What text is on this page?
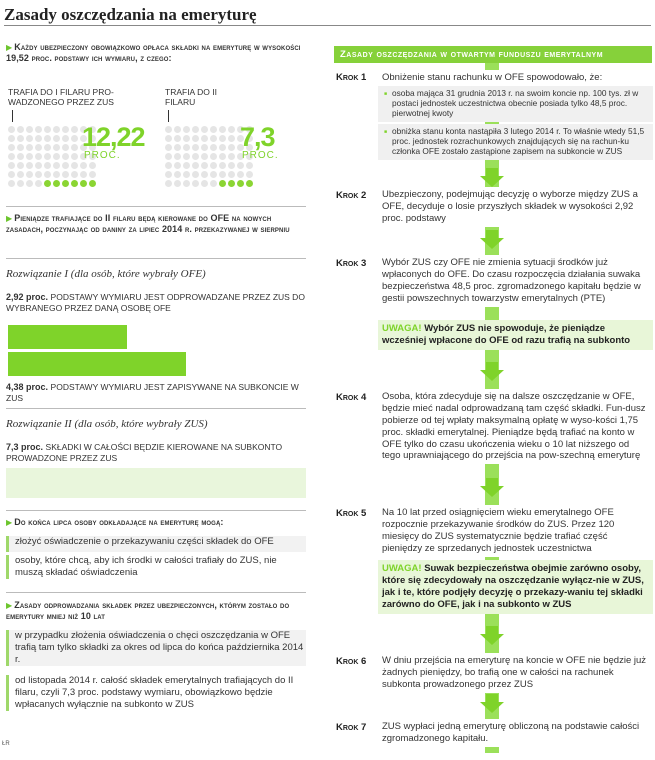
Zasady oszczędzania na emeryturę
▶ Każdy ubezpieczony obowiązkowo opłaca składki na emeryturę w wysokości 19,52 proc. podstawy ich wymiaru, z czego:
TRAFIA DO I FILARU PRO-WADZONEGO PRZEZ ZUS
TRAFIA DO II FILARU
12,22
PROC.
7,3
PROC.
▶ Pieniądze trafiające do II filaru będą kierowane do OFE na nowych zasadach, poczynając od daniny za lipiec 2014 r. przekazywanej w sierpniu
Rozwiązanie I (dla osób, które wybrały OFE)
2,92 proc. PODSTAWY WYMIARU JEST ODPROWADZANE PRZEZ ZUS DO WYBRANEGO PRZEZ DANĄ OSOBĘ OFE
4,38 proc. PODSTAWY WYMIARU JEST ZAPISYWANE NA SUBKONCIE W ZUS
Rozwiązanie II (dla osób, które wybrały ZUS)
7,3 proc. SKŁADKI W CAŁOŚCI BĘDZIE KIEROWANE NA SUBKONTO PROWADZONE PRZEZ ZUS
▶ Do końca lipca osoby odkładające na emeryturę mogą:
złożyć oświadczenie o przekazywaniu części składek do OFE
osoby, które chcą, aby ich środki w całości trafiały do ZUS, nie muszą składać oświadczenia
▶ Zasady odprowadzania składek przez ubezpieczonych, którym zostało do emerytury mniej niż 10 lat
w przypadku złożenia oświadczenia o chęci oszczędzania w OFE trafią tam tylko składki za okres od lipca do końca października 2014 r.
od listopada 2014 r. całość składek emerytalnych trafiających do II filaru, czyli 7,3 proc. podstawy wymiaru, obowiązkowo będzie wpłacanych wyłącznie na subkonto w ZUS
ŁR
Zasady oszczędzania w otwartym funduszu emerytalnym
Krok 1	Obniżenie stanu rachunku w OFE spowodowało, że:
■ osoba mająca 31 grudnia 2013 r. na swoim koncie np. 100 tys. zł w postaci jednostek uczestnictwa obecnie posiada tylko 48,5 proc. pierwotnej kwoty
■ obniżka stanu konta nastąpiła 3 lutego 2014 r. To właśnie wtedy 51,5 proc. jednostek rozrachunkowych znajdujących się na rachun-ku członka OFE zostało zastąpione zapisem na subkoncie w ZUS
Krok 2	Ubezpieczony, podejmując decyzję o wyborze między ZUS a OFE, decyduje o losie przyszłych składek w wysokości 2,92 proc. podstawy
Krok 3	Wybór ZUS czy OFE nie zmienia sytuacji środków już wpłaconych do OFE. Do czasu rozpoczęcia działania suwaka bezpieczeństwa 48,5 proc. zgromadzonego kapitału będzie w gestii powszechnych towarzystw emerytalnych (PTE)
UWAGA! Wybór ZUS nie spowoduje, że pieniądze wcześniej wpłacone do OFE od razu trafią na subkonto
Krok 4	Osoba, która zdecyduje się na dalsze oszczędzanie w OFE, będzie mieć nadal odprowadzaną tam część składki. Fun-dusz pobierze od tej wpłaty maksymalną opłatę w wyso-kości 1,75 proc. składki emerytalnej. Pieniądze będą trafiać na konto w OFE tylko do czasu ukończenia wieku o 10 lat niższego od tego uprawniającego do przejścia na pow-szechną emeryturę
Krok 5	Na 10 lat przed osiągnięciem wieku emerytalnego OFE rozpocznie przekazywanie środków do ZUS. Przez 120 miesięcy do ZUS systematycznie będzie trafiać część pieniędzy ze sprzedanych jednostek uczestnictwa
UWAGA! Suwak bezpieczeństwa obejmie zarówno osoby, które się zdecydowały na oszczędzanie wyłącz-nie w ZUS, jak i te, które podjęły decyzję o przekazy-waniu tej składki zarówno do OFE, jak i na subkonto w ZUS
Krok 6	W dniu przejścia na emeryturę na koncie w OFE nie będzie już żadnych pieniędzy, bo trafią one w całości na rachunek subkonta prowadzonego przez ZUS
Krok 7	ZUS wypłaci jedną emeryturę obliczoną na podstawie całości zgromadzonego kapitału.
